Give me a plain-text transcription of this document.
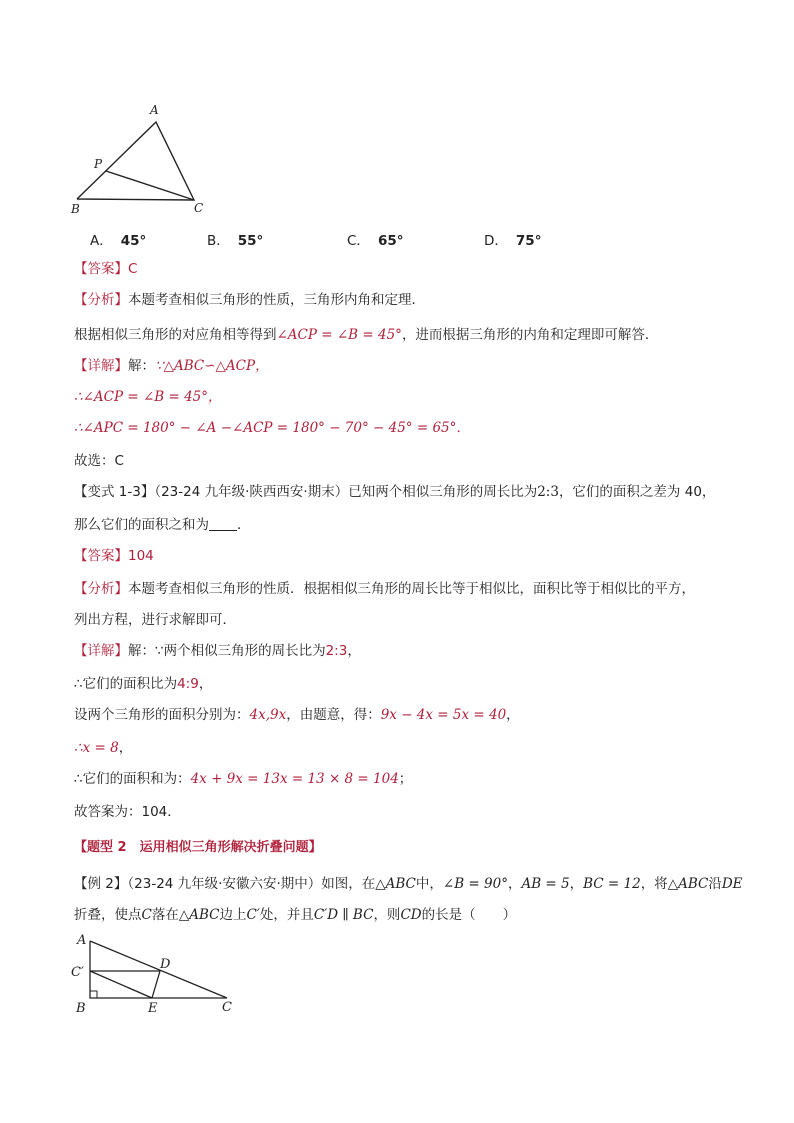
A
P
B	C
A． 45°	B． 55°	C． 65°	D． 75°
【答案】C
【分析】本题考查相似三角形的性质，三角形内角和定理．
根据相似三角形的对应角相等得到∠ACP = ∠B = 45°，进而根据三角形的内角和定理即可解答．
【详解】解：∵△ABC∽△ACP，
∴∠ACP = ∠B = 45°，
∴∠APC = 180° − ∠A −∠ACP = 180° − 70° − 45° = 65°．
故选：C
【变式 1-3】（23-24 九年级·陕西西安·期末）已知两个相似三角形的周长比为2:3，它们的面积之差为 40，
那么它们的面积之和为 ．
【答案】104
【分析】本题考查相似三角形的性质．根据相似三角形的周长比等于相似比，面积比等于相似比的平方，
列出方程，进行求解即可．
【详解】解：∵两个相似三角形的周长比为2:3，
∴它们的面积比为4:9，
设两个三角形的面积分别为：4x,9x，由题意，得：9x − 4x = 5x = 40，
∴x = 8，
∴它们的面积和为：4x + 9x = 13x = 13 × 8 = 104；
故答案为：104．
【题型 2　运用相似三角形解决折叠问题】
【例 2】（23-24 九年级·安徽六安·期中）如图，在△ABC中，∠B = 90°，AB = 5，BC = 12，将△ABC沿DE
折叠，使点C落在△ABC边上C′处，并且C′D ∥ BC，则CD的长是（　　）
A
C′
D
B	E	C
